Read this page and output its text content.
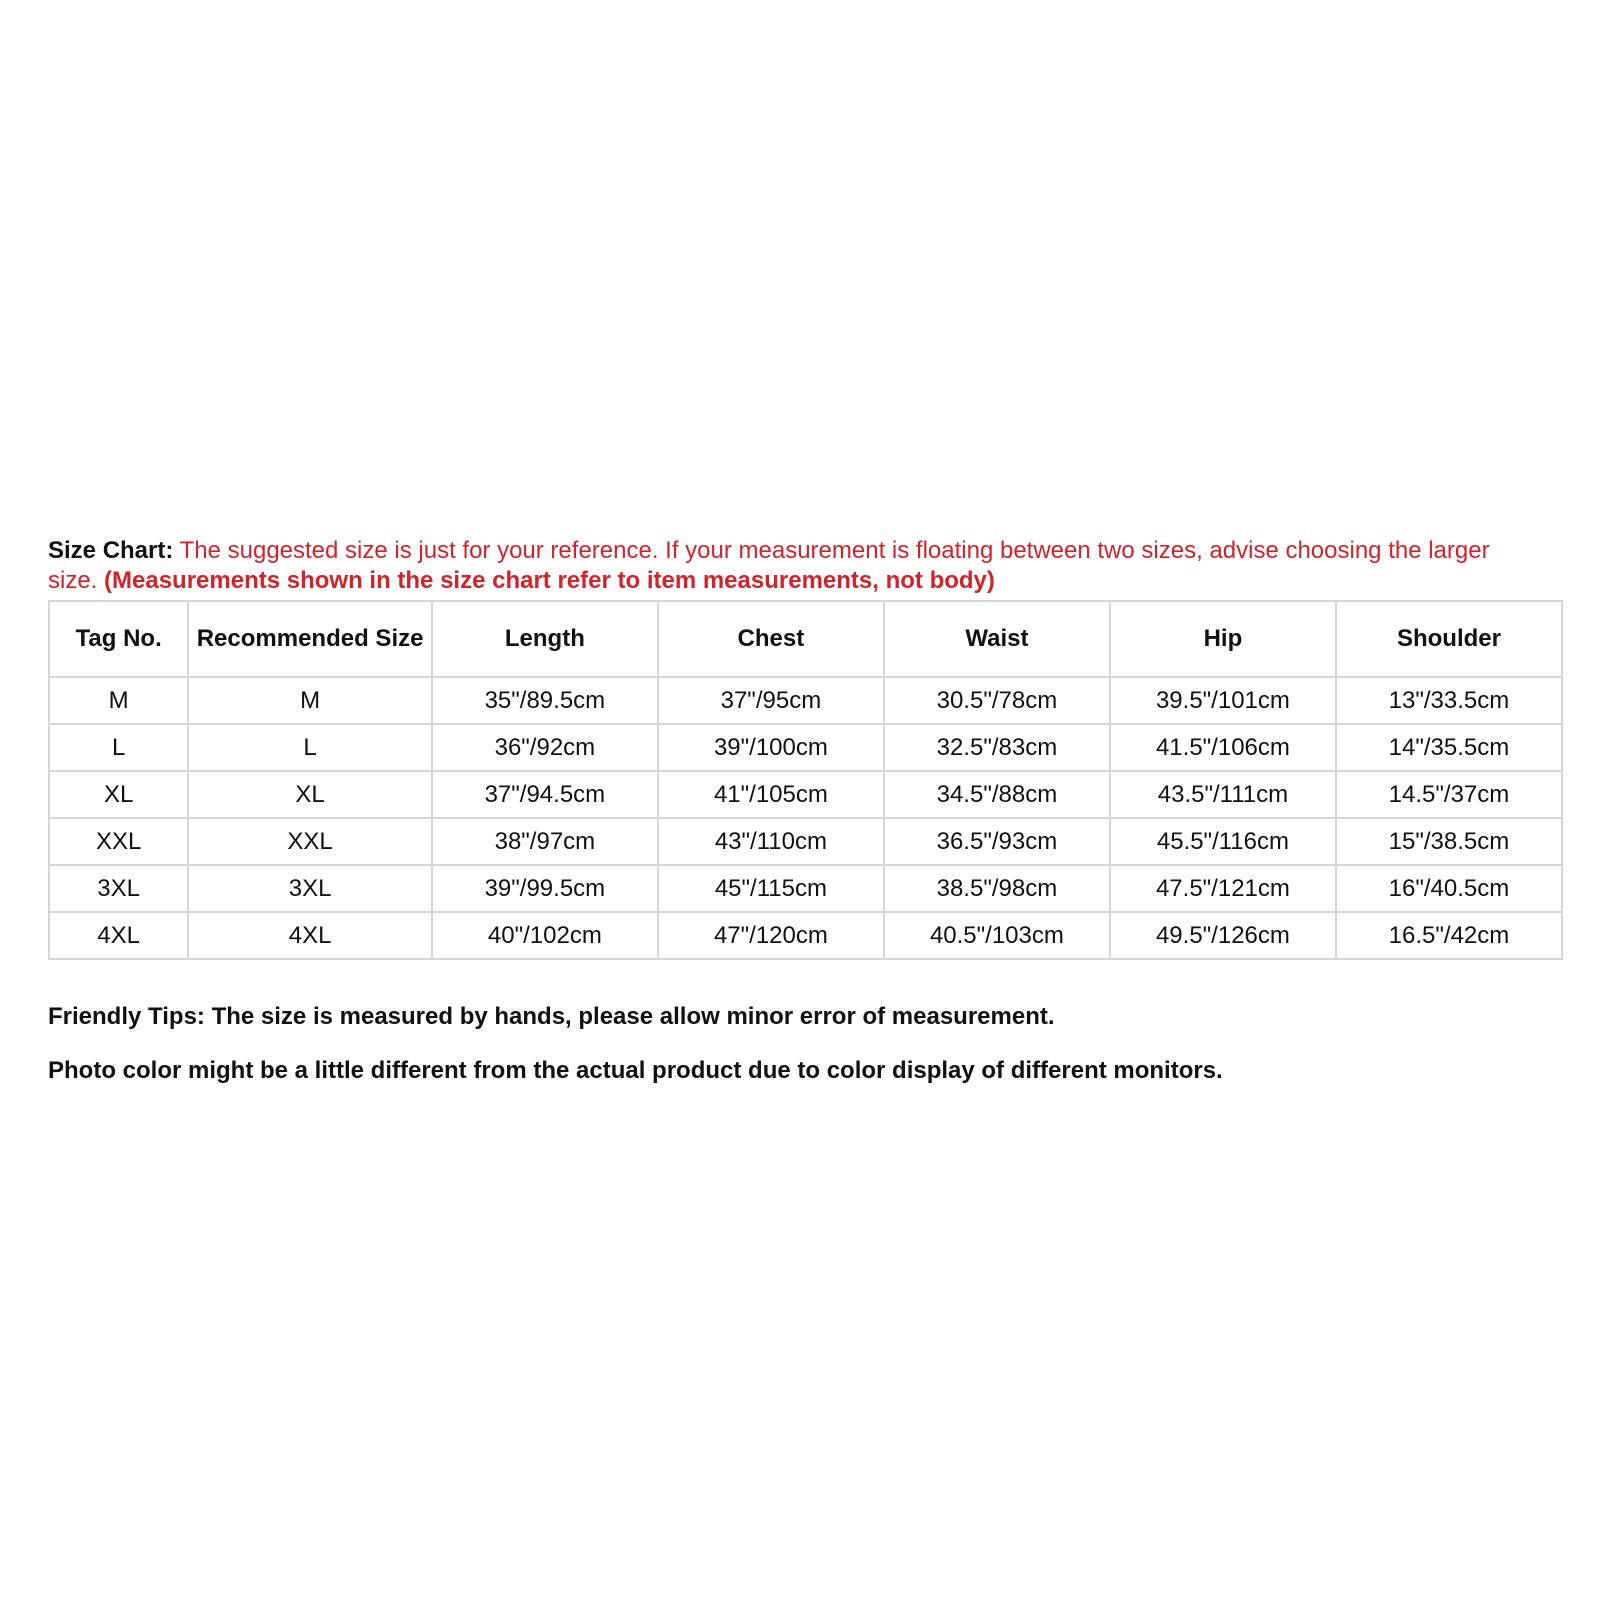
Size Chart: The suggested size is just for your reference. If your measurement is floating between two sizes, advise choosing the larger size. (Measurements shown in the size chart refer to item measurements, not body)

Tag No.	Recommended Size	Length	Chest	Waist	Hip	Shoulder
M	M	35"/89.5cm	37"/95cm	30.5"/78cm	39.5"/101cm	13"/33.5cm
L	L	36"/92cm	39"/100cm	32.5"/83cm	41.5"/106cm	14"/35.5cm
XL	XL	37"/94.5cm	41"/105cm	34.5"/88cm	43.5"/111cm	14.5"/37cm
XXL	XXL	38"/97cm	43"/110cm	36.5"/93cm	45.5"/116cm	15"/38.5cm
3XL	3XL	39"/99.5cm	45"/115cm	38.5"/98cm	47.5"/121cm	16"/40.5cm
4XL	4XL	40"/102cm	47"/120cm	40.5"/103cm	49.5"/126cm	16.5"/42cm

Friendly Tips: The size is measured by hands, please allow minor error of measurement.

Photo color might be a little different from the actual product due to color display of different monitors.
